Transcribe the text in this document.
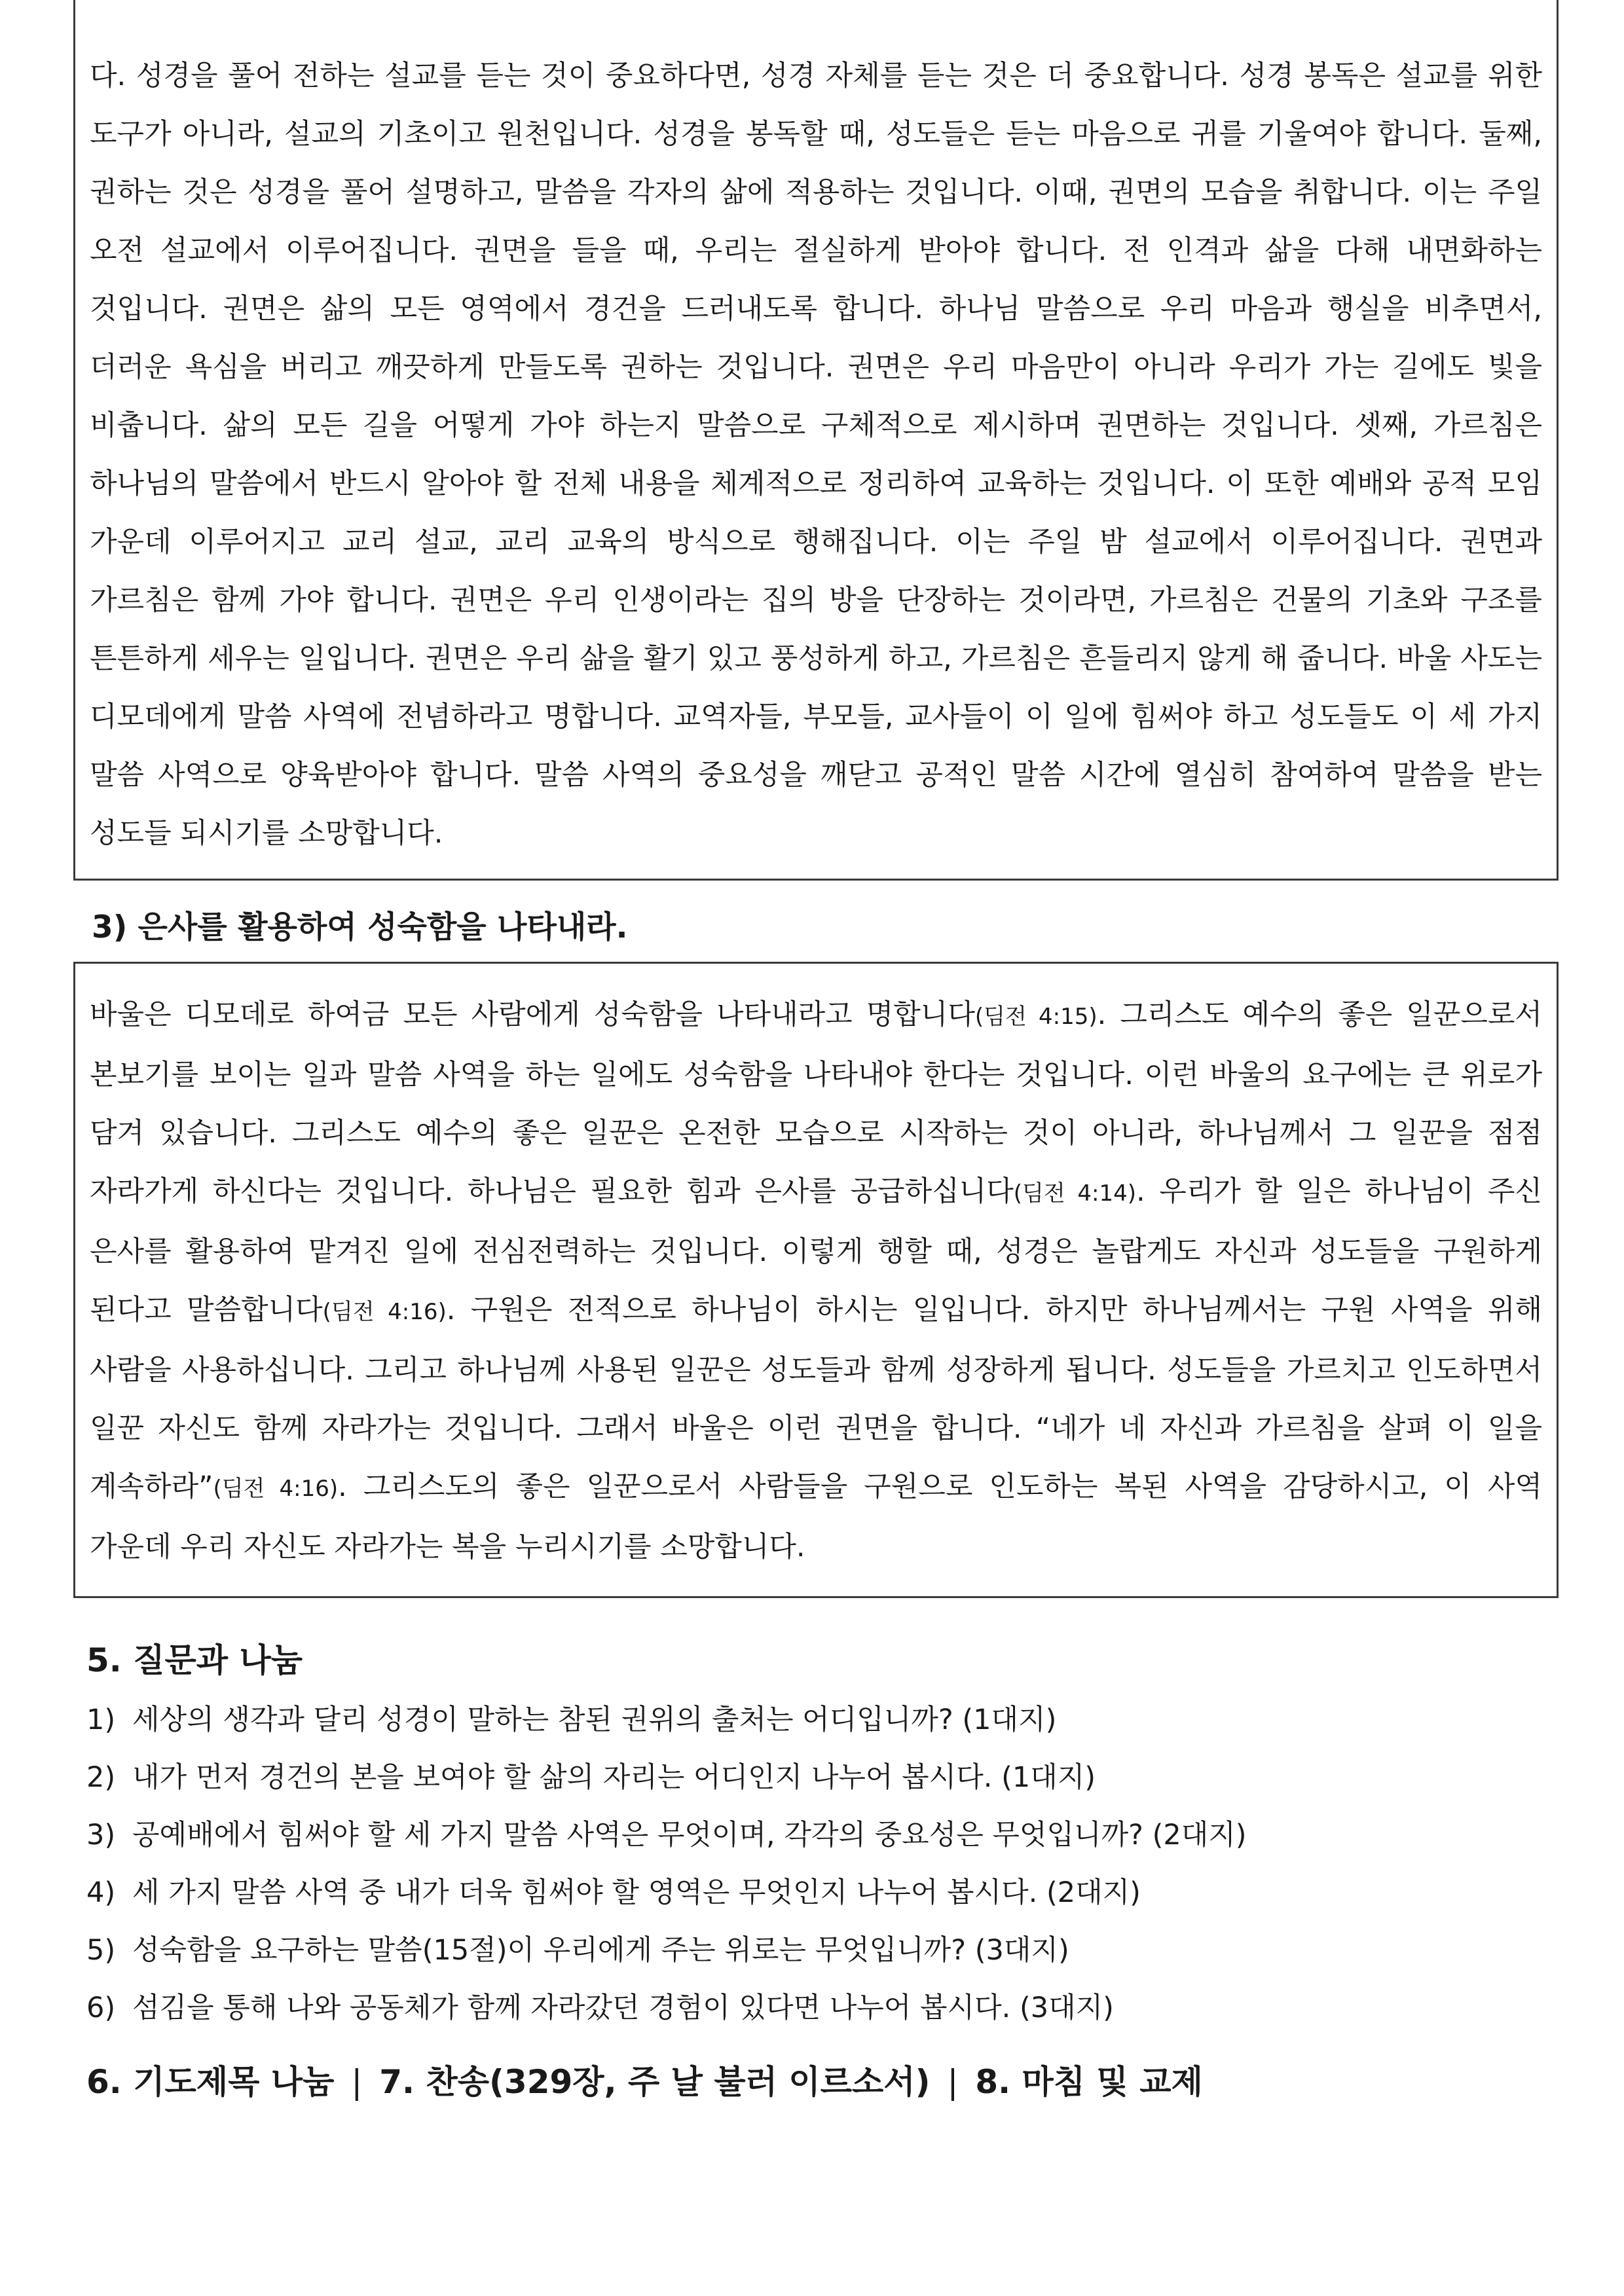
다. 성경을 풀어 전하는 설교를 듣는 것이 중요하다면, 성경 자체를 듣는 것은 더 중요합니다. 성경 봉독은 설교를 위한 도구가 아니라, 설교의 기초이고 원천입니다. 성경을 봉독할 때, 성도들은 듣는 마음으로 귀를 기울여야 합니다. 둘째, 권하는 것은 성경을 풀어 설명하고, 말씀을 각자의 삶에 적용하는 것입니다. 이때, 권면의 모습을 취합니다. 이는 주일 오전 설교에서 이루어집니다. 권면을 들을 때, 우리는 절실하게 받아야 합니다. 전 인격과 삶을 다해 내면화하는 것입니다. 권면은 삶의 모든 영역에서 경건을 드러내도록 합니다. 하나님 말씀으로 우리 마음과 행실을 비추면서, 더러운 욕심을 버리고 깨끗하게 만들도록 권하는 것입니다. 권면은 우리 마음만이 아니라 우리가 가는 길에도 빛을 비춥니다. 삶의 모든 길을 어떻게 가야 하는지 말씀으로 구체적으로 제시하며 권면하는 것입니다. 셋째, 가르침은 하나님의 말씀에서 반드시 알아야 할 전체 내용을 체계적으로 정리하여 교육하는 것입니다. 이 또한 예배와 공적 모임 가운데 이루어지고 교리 설교, 교리 교육의 방식으로 행해집니다. 이는 주일 밤 설교에서 이루어집니다. 권면과 가르침은 함께 가야 합니다. 권면은 우리 인생이라는 집의 방을 단장하는 것이라면, 가르침은 건물의 기초와 구조를 튼튼하게 세우는 일입니다. 권면은 우리 삶을 활기 있고 풍성하게 하고, 가르침은 흔들리지 않게 해 줍니다. 바울 사도는 디모데에게 말씀 사역에 전념하라고 명합니다. 교역자들, 부모들, 교사들이 이 일에 힘써야 하고 성도들도 이 세 가지 말씀 사역으로 양육받아야 합니다. 말씀 사역의 중요성을 깨닫고 공적인 말씀 시간에 열심히 참여하여 말씀을 받는 성도들 되시기를 소망합니다.

3) 은사를 활용하여 성숙함을 나타내라.

바울은 디모데로 하여금 모든 사람에게 성숙함을 나타내라고 명합니다(딤전 4:15). 그리스도 예수의 좋은 일꾼으로서 본보기를 보이는 일과 말씀 사역을 하는 일에도 성숙함을 나타내야 한다는 것입니다. 이런 바울의 요구에는 큰 위로가 담겨 있습니다. 그리스도 예수의 좋은 일꾼은 온전한 모습으로 시작하는 것이 아니라, 하나님께서 그 일꾼을 점점 자라가게 하신다는 것입니다. 하나님은 필요한 힘과 은사를 공급하십니다(딤전 4:14). 우리가 할 일은 하나님이 주신 은사를 활용하여 맡겨진 일에 전심전력하는 것입니다. 이렇게 행할 때, 성경은 놀랍게도 자신과 성도들을 구원하게 된다고 말씀합니다(딤전 4:16). 구원은 전적으로 하나님이 하시는 일입니다. 하지만 하나님께서는 구원 사역을 위해 사람을 사용하십니다. 그리고 하나님께 사용된 일꾼은 성도들과 함께 성장하게 됩니다. 성도들을 가르치고 인도하면서 일꾼 자신도 함께 자라가는 것입니다. 그래서 바울은 이런 권면을 합니다. “네가 네 자신과 가르침을 살펴 이 일을 계속하라”(딤전 4:16). 그리스도의 좋은 일꾼으로서 사람들을 구원으로 인도하는 복된 사역을 감당하시고, 이 사역 가운데 우리 자신도 자라가는 복을 누리시기를 소망합니다.

5. 질문과 나눔
1) 세상의 생각과 달리 성경이 말하는 참된 권위의 출처는 어디입니까? (1대지)
2) 내가 먼저 경건의 본을 보여야 할 삶의 자리는 어디인지 나누어 봅시다. (1대지)
3) 공예배에서 힘써야 할 세 가지 말씀 사역은 무엇이며, 각각의 중요성은 무엇입니까? (2대지)
4) 세 가지 말씀 사역 중 내가 더욱 힘써야 할 영역은 무엇인지 나누어 봅시다. (2대지)
5) 성숙함을 요구하는 말씀(15절)이 우리에게 주는 위로는 무엇입니까? (3대지)
6) 섬김을 통해 나와 공동체가 함께 자라갔던 경험이 있다면 나누어 봅시다. (3대지)
6. 기도제목 나눔 | 7. 찬송(329장, 주 날 불러 이르소서) | 8. 마침 및 교제
